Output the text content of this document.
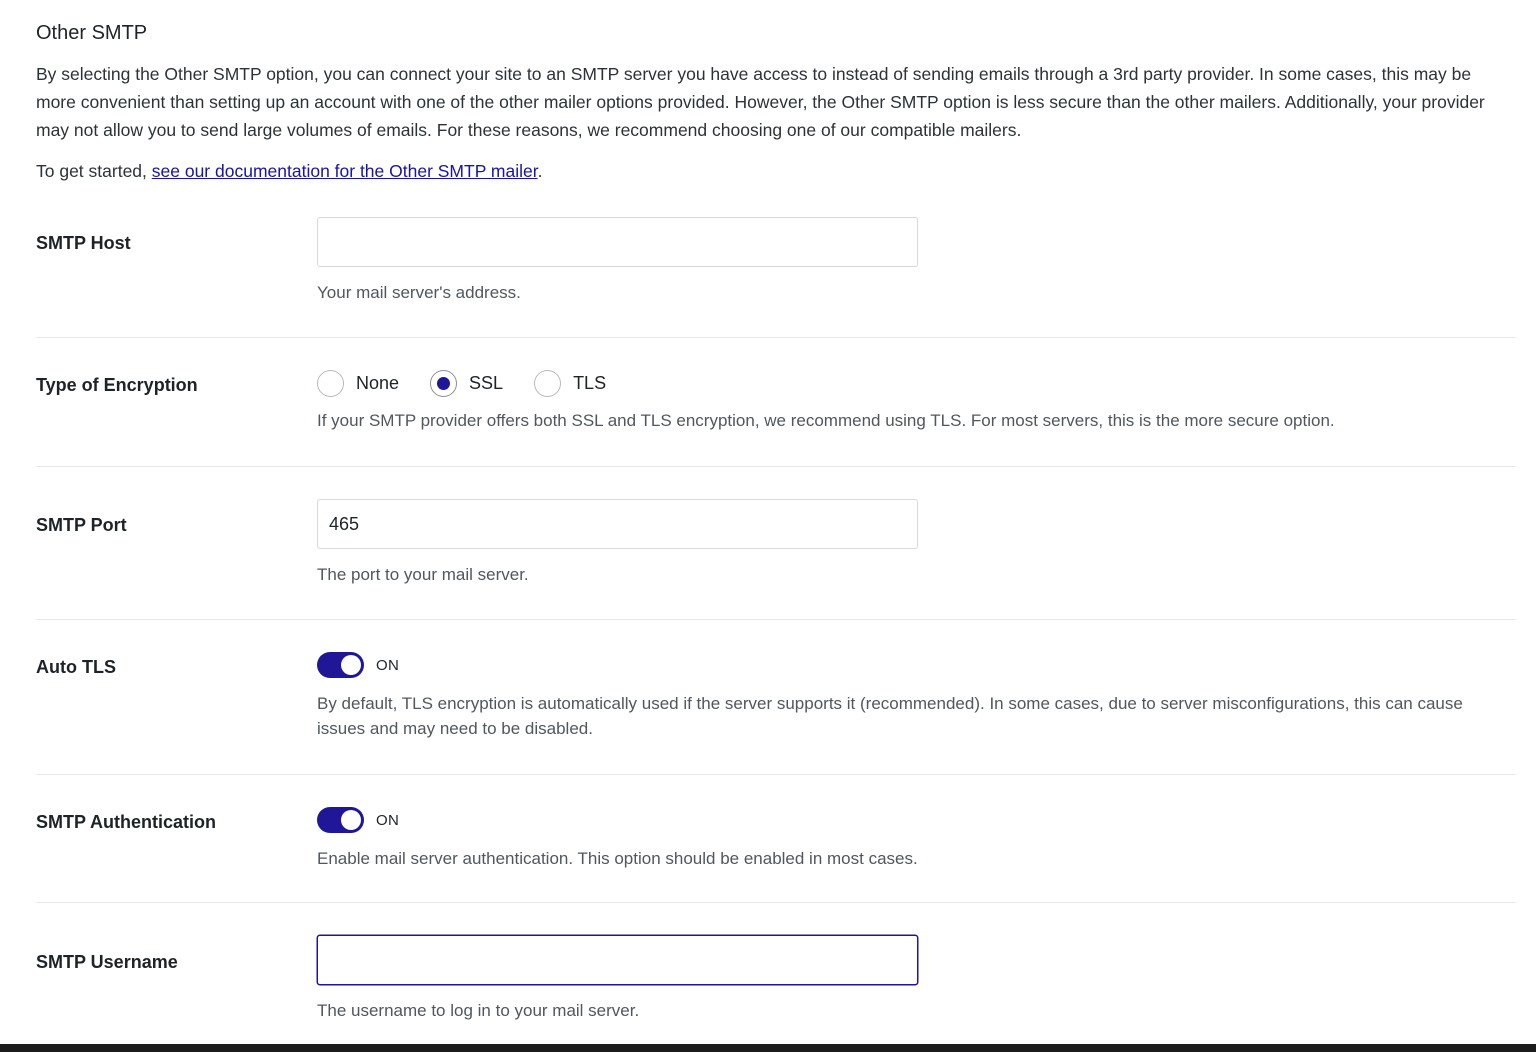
Other SMTP

By selecting the Other SMTP option, you can connect your site to an SMTP server you have access to instead of sending emails through a 3rd party provider. In some cases, this may be more convenient than setting up an account with one of the other mailer options provided. However, the Other SMTP option is less secure than the other mailers. Additionally, your provider may not allow you to send large volumes of emails. For these reasons, we recommend choosing one of our compatible mailers.

To get started, see our documentation for the Other SMTP mailer.

SMTP Host

Your mail server's address.

Type of Encryption	None	SSL	TLS

If your SMTP provider offers both SSL and TLS encryption, we recommend using TLS. For most servers, this is the more secure option.

SMTP Port
465

The port to your mail server.

Auto TLS	ON

By default, TLS encryption is automatically used if the server supports it (recommended). In some cases, due to server misconfigurations, this can cause issues and may need to be disabled.

SMTP Authentication	ON

Enable mail server authentication. This option should be enabled in most cases.

SMTP Username

The username to log in to your mail server.
